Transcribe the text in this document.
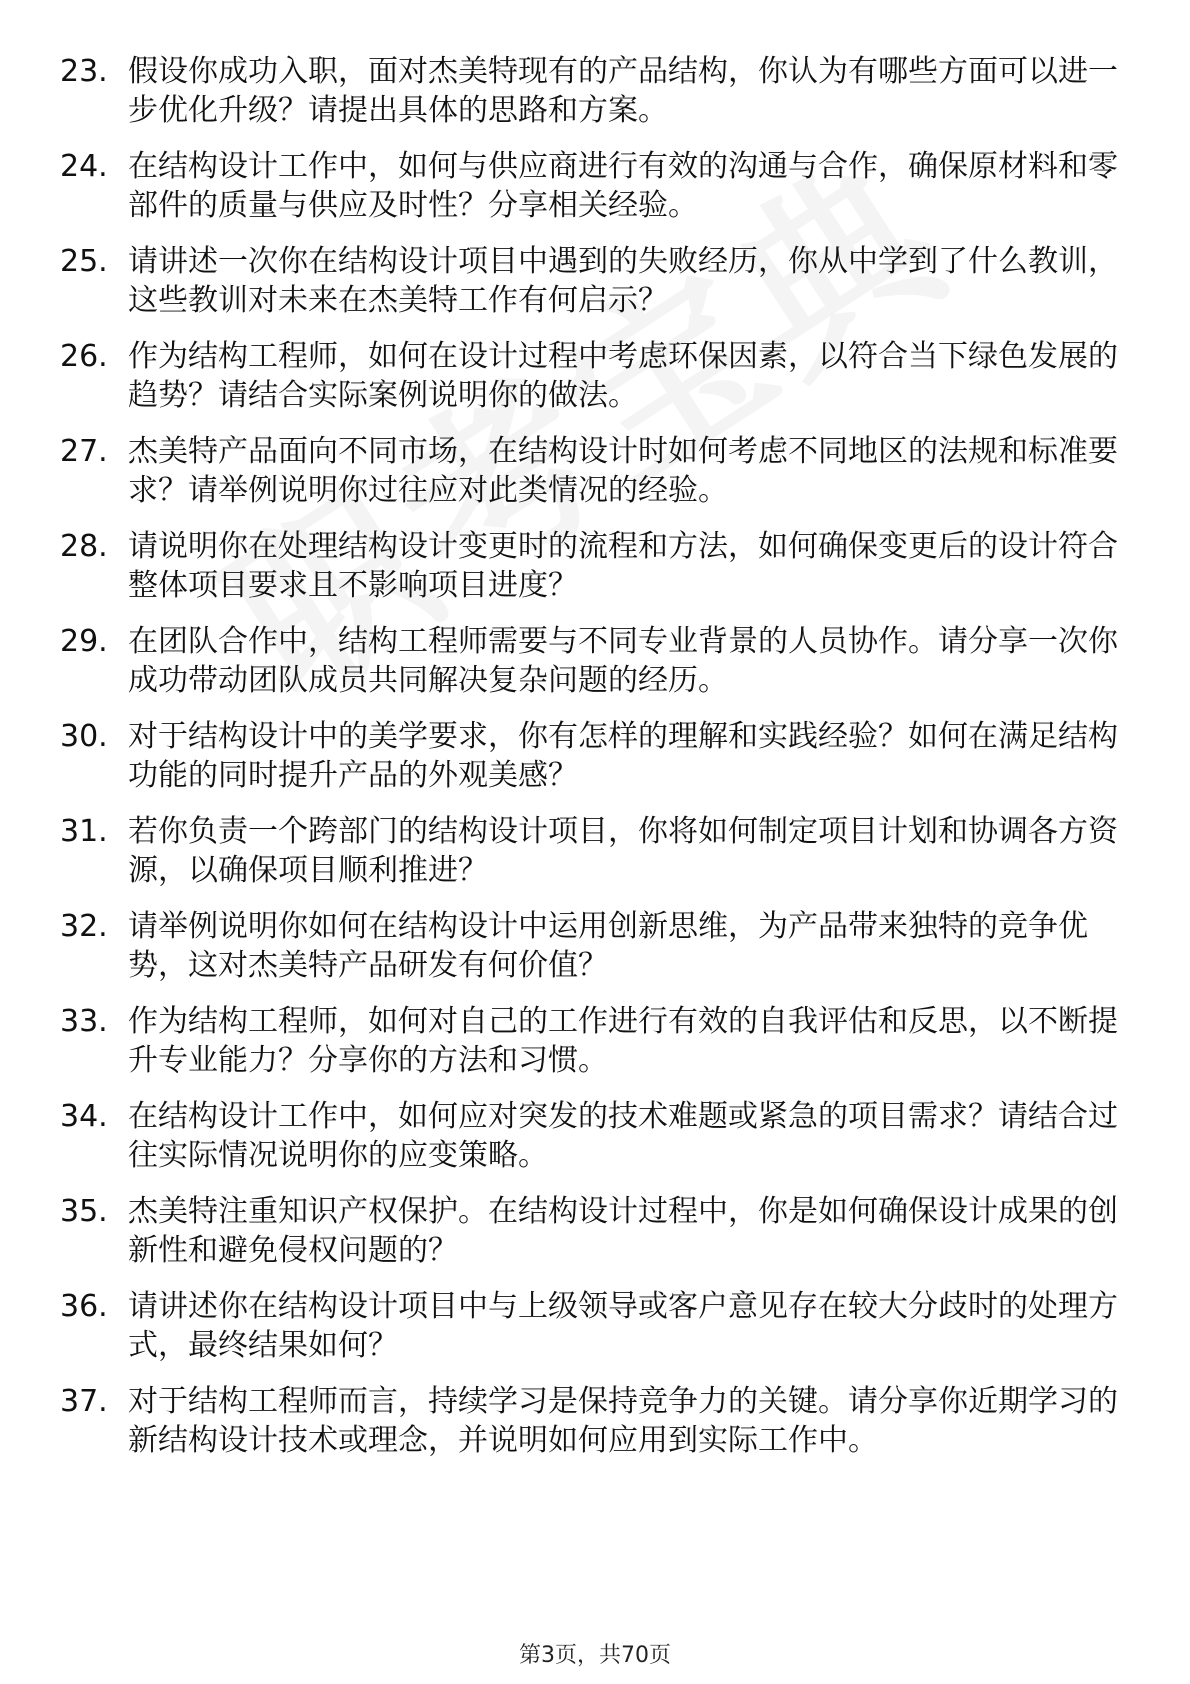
23. 假设你成功入职，面对杰美特现有的产品结构，你认为有哪些方面可以进一步优化升级？请提出具体的思路和方案。
24. 在结构设计工作中，如何与供应商进行有效的沟通与合作，确保原材料和零部件的质量与供应及时性？分享相关经验。
25. 请讲述一次你在结构设计项目中遇到的失败经历，你从中学到了什么教训，这些教训对未来在杰美特工作有何启示？
26. 作为结构工程师，如何在设计过程中考虑环保因素，以符合当下绿色发展的趋势？请结合实际案例说明你的做法。
27. 杰美特产品面向不同市场，在结构设计时如何考虑不同地区的法规和标准要求？请举例说明你过往应对此类情况的经验。
28. 请说明你在处理结构设计变更时的流程和方法，如何确保变更后的设计符合整体项目要求且不影响项目进度？
29. 在团队合作中，结构工程师需要与不同专业背景的人员协作。请分享一次你成功带动团队成员共同解决复杂问题的经历。
30. 对于结构设计中的美学要求，你有怎样的理解和实践经验？如何在满足结构功能的同时提升产品的外观美感？
31. 若你负责一个跨部门的结构设计项目，你将如何制定项目计划和协调各方资源，以确保项目顺利推进？
32. 请举例说明你如何在结构设计中运用创新思维，为产品带来独特的竞争优势，这对杰美特产品研发有何价值？
33. 作为结构工程师，如何对自己的工作进行有效的自我评估和反思，以不断提升专业能力？分享你的方法和习惯。
34. 在结构设计工作中，如何应对突发的技术难题或紧急的项目需求？请结合过往实际情况说明你的应变策略。
35. 杰美特注重知识产权保护。在结构设计过程中，你是如何确保设计成果的创新性和避免侵权问题的？
36. 请讲述你在结构设计项目中与上级领导或客户意见存在较大分歧时的处理方式，最终结果如何？
37. 对于结构工程师而言，持续学习是保持竞争力的关键。请分享你近期学习的新结构设计技术或理念，并说明如何应用到实际工作中。
第3页，共70页
